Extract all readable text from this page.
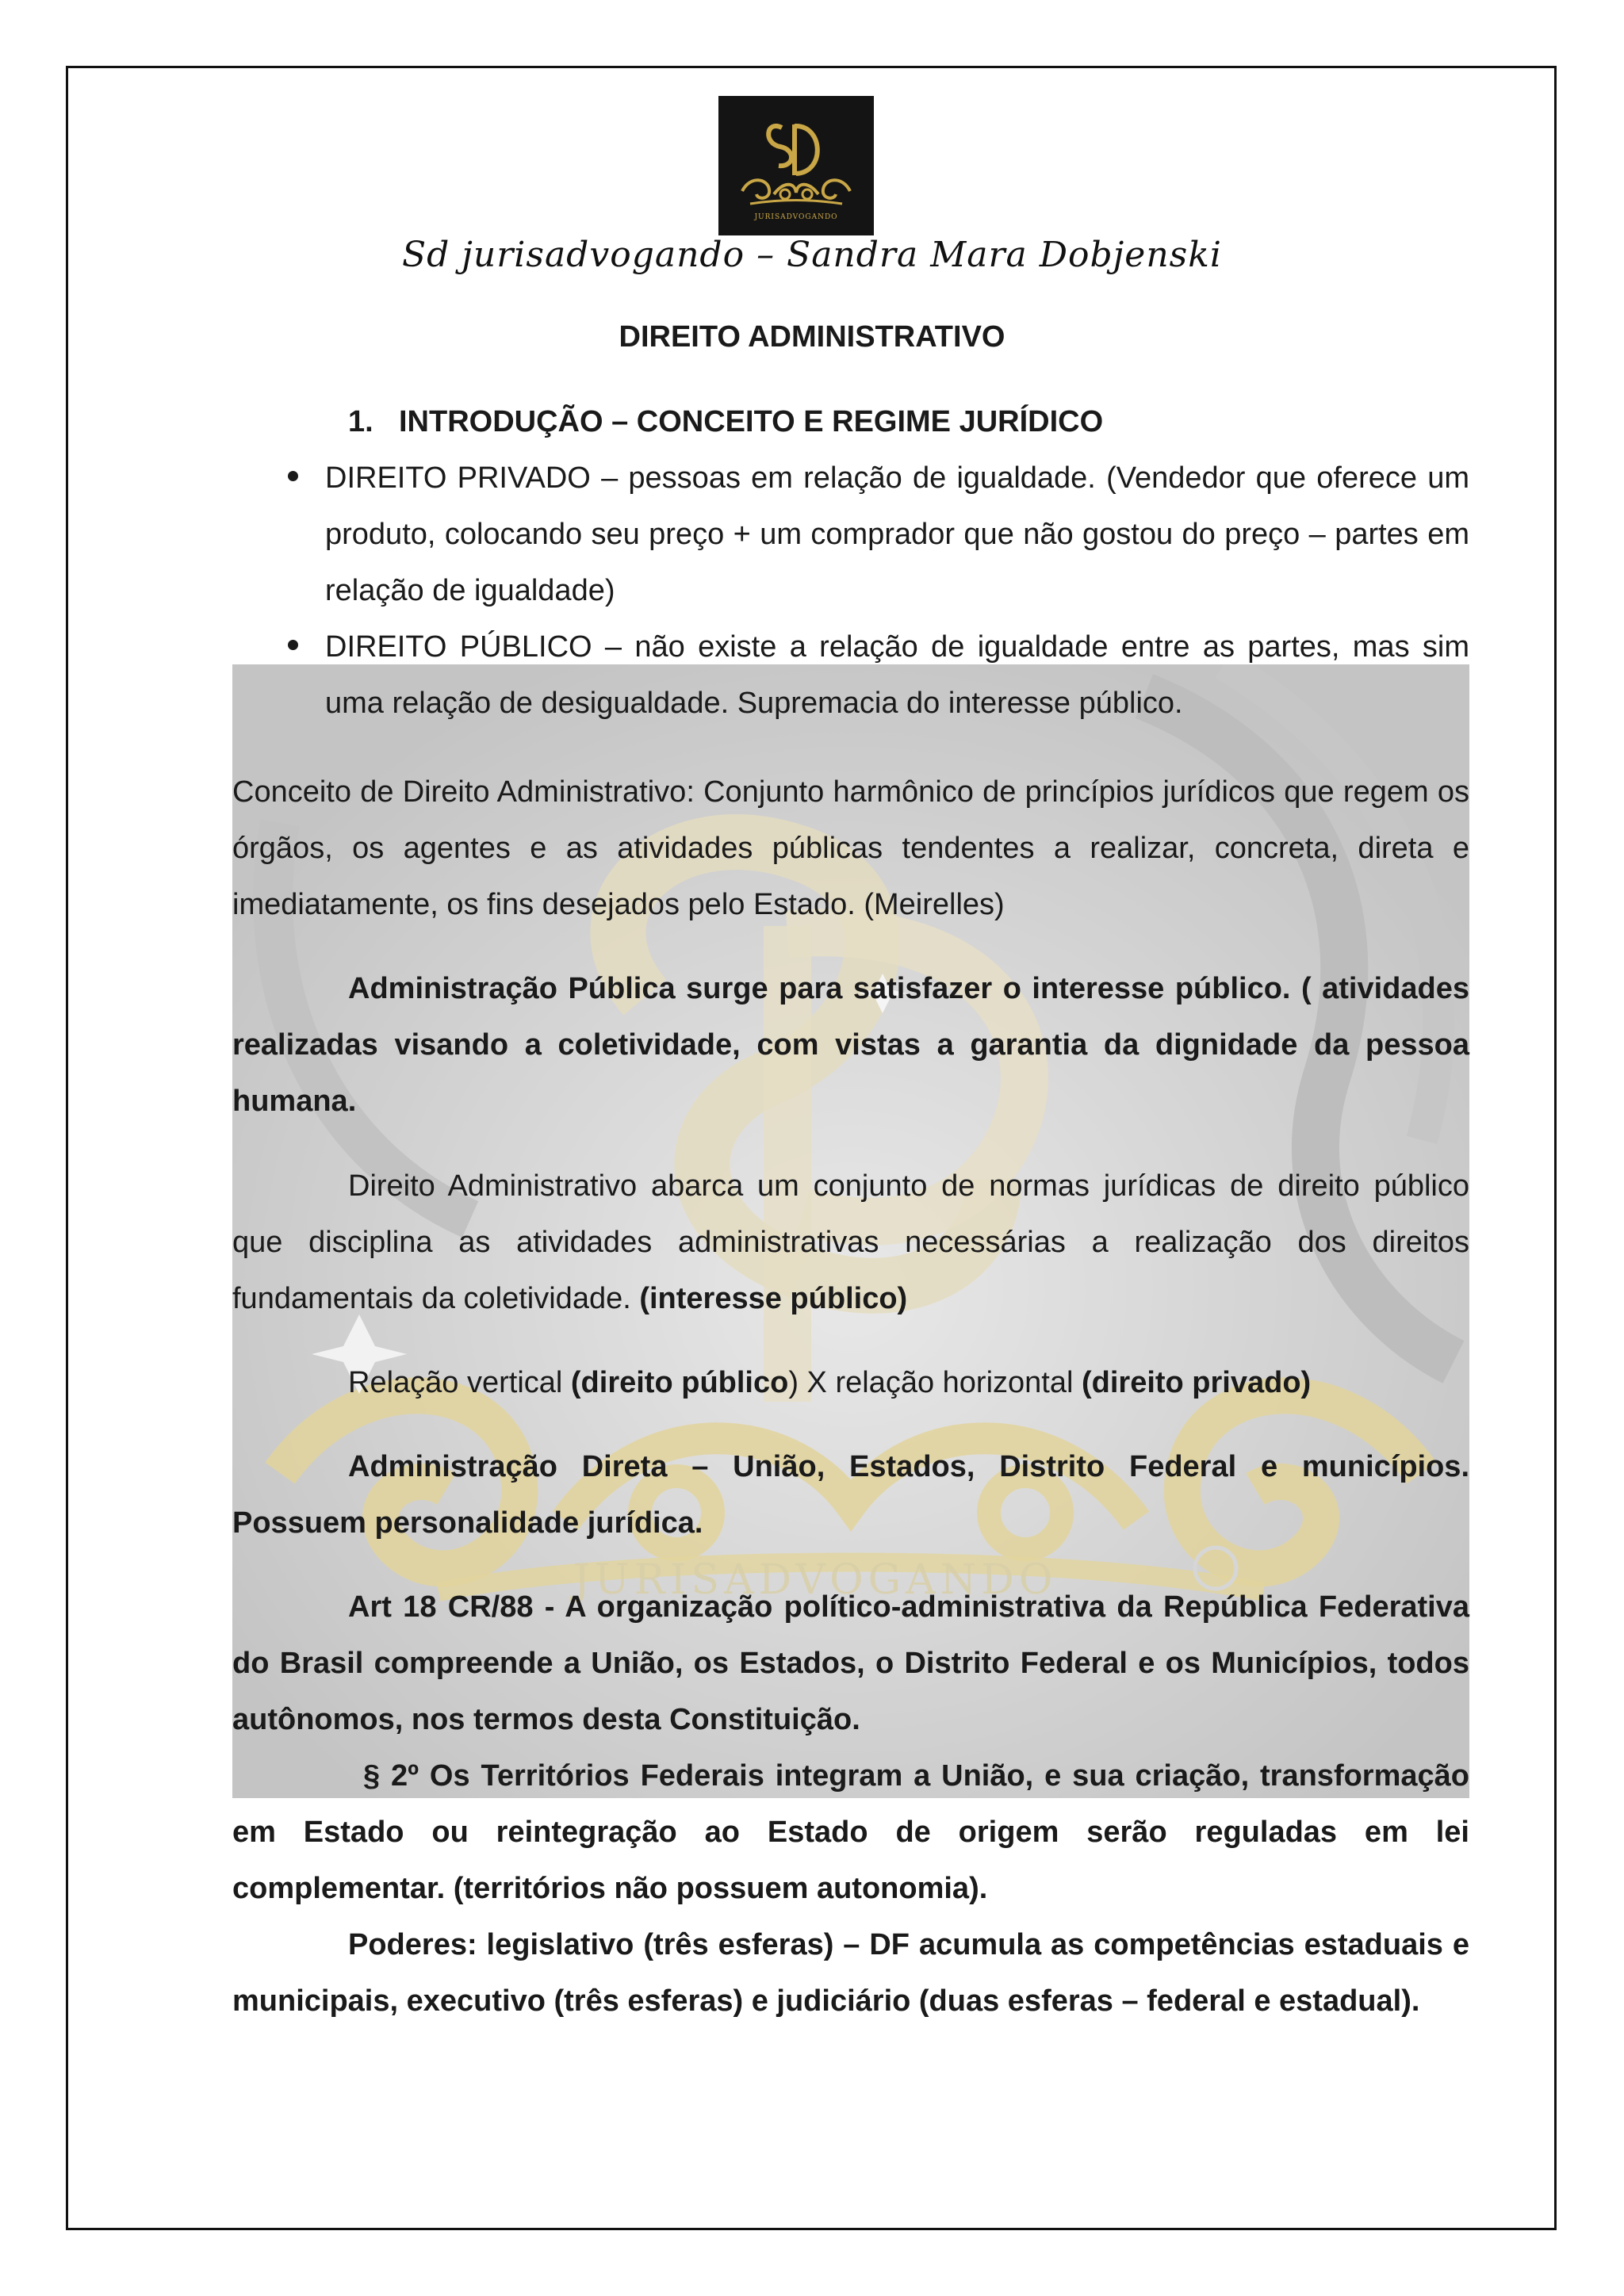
JURISADVOGANDO
JURISADVOGANDO
Sd jurisadvogando – Sandra Mara Dobjenski
DIREITO ADMINISTRATIVO
1. INTRODUÇÃO – CONCEITO E REGIME JURÍDICO
DIREITO PRIVADO – pessoas em relação de igualdade. (Vendedor que oferece um produto, colocando seu preço + um comprador que não gostou do preço – partes em relação de igualdade)
DIREITO PÚBLICO – não existe a relação de igualdade entre as partes, mas sim uma relação de desigualdade. Supremacia do interesse público.

Conceito de Direito Administrativo: Conjunto harmônico de princípios jurídicos que regem os órgãos, os agentes e as atividades públicas tendentes a realizar, concreta, direta e imediatamente, os fins desejados pelo Estado. (Meirelles)

Administração Pública surge para satisfazer o interesse público. ( atividades realizadas visando a coletividade, com vistas a garantia da dignidade da pessoa humana.

Direito Administrativo abarca um conjunto de normas jurídicas de direito público que disciplina as atividades administrativas necessárias a realização dos direitos fundamentais da coletividade. (interesse público)

Relação vertical (direito público) X relação horizontal (direito privado)

Administração Direta – União, Estados, Distrito Federal e municípios. Possuem personalidade jurídica.

Art 18 CR/88 - A organização político-administrativa da República Federativa do Brasil compreende a União, os Estados, o Distrito Federal e os Municípios, todos autônomos, nos termos desta Constituição.

§ 2º Os Territórios Federais integram a União, e sua criação, transformação em Estado ou reintegração ao Estado de origem serão reguladas em lei complementar. (territórios não possuem autonomia).

Poderes: legislativo (três esferas) – DF acumula as competências estaduais e municipais, executivo (três esferas) e judiciário (duas esferas – federal e estadual).
